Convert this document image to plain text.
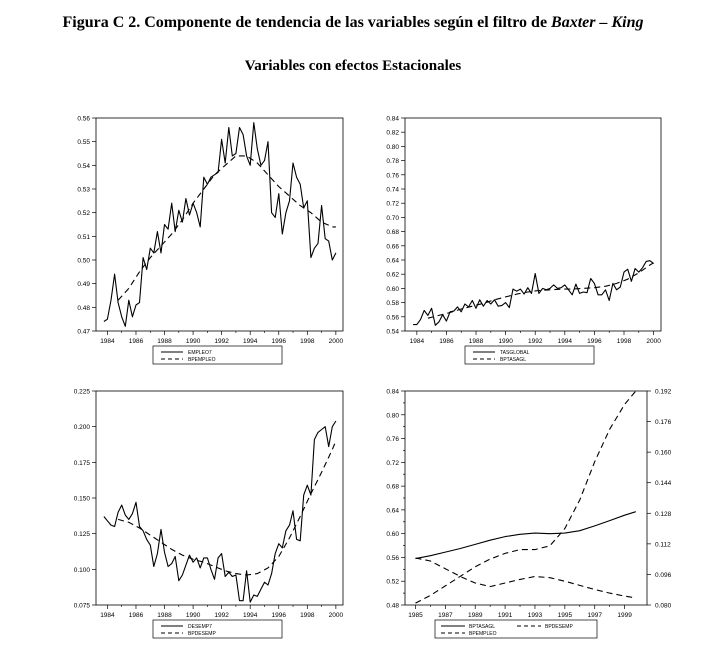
Figura C 2. Componente de tendencia de las variables según el filtro de Baxter – King
Variables con efectos Estacionales
0.47
0.48
0.49
0.50
0.51
0.52
0.53
0.54
0.55
0.56
1984 1986 1988 1990 1992 1994 1996 1998 2000
EMPLEO7
BPEMPLEO
0.54
0.56
0.58
0.60
0.62
0.64
0.66
0.68
0.70
0.72
0.74
0.76
0.78
0.80
0.82
0.84
1984 1986 1988 1990 1992 1994 1996 1998 2000
TASGLOBAL
BPTASAGL
0.075
0.100
0.125
0.150
0.175
0.200
0.225
1984 1986 1988 1990 1992 1994 1996 1998 2000
DESEMP7
BPDESEMP
0.48
0.52
0.56
0.60
0.64
0.68
0.72
0.76
0.80
0.84
0.080
0.096
0.112
0.128
0.144
0.160
0.176
0.192
1985 1987 1989 1991 1993 1995 1997 1999
BPTASAGL	BPDESEMP
BPEMPLEO
